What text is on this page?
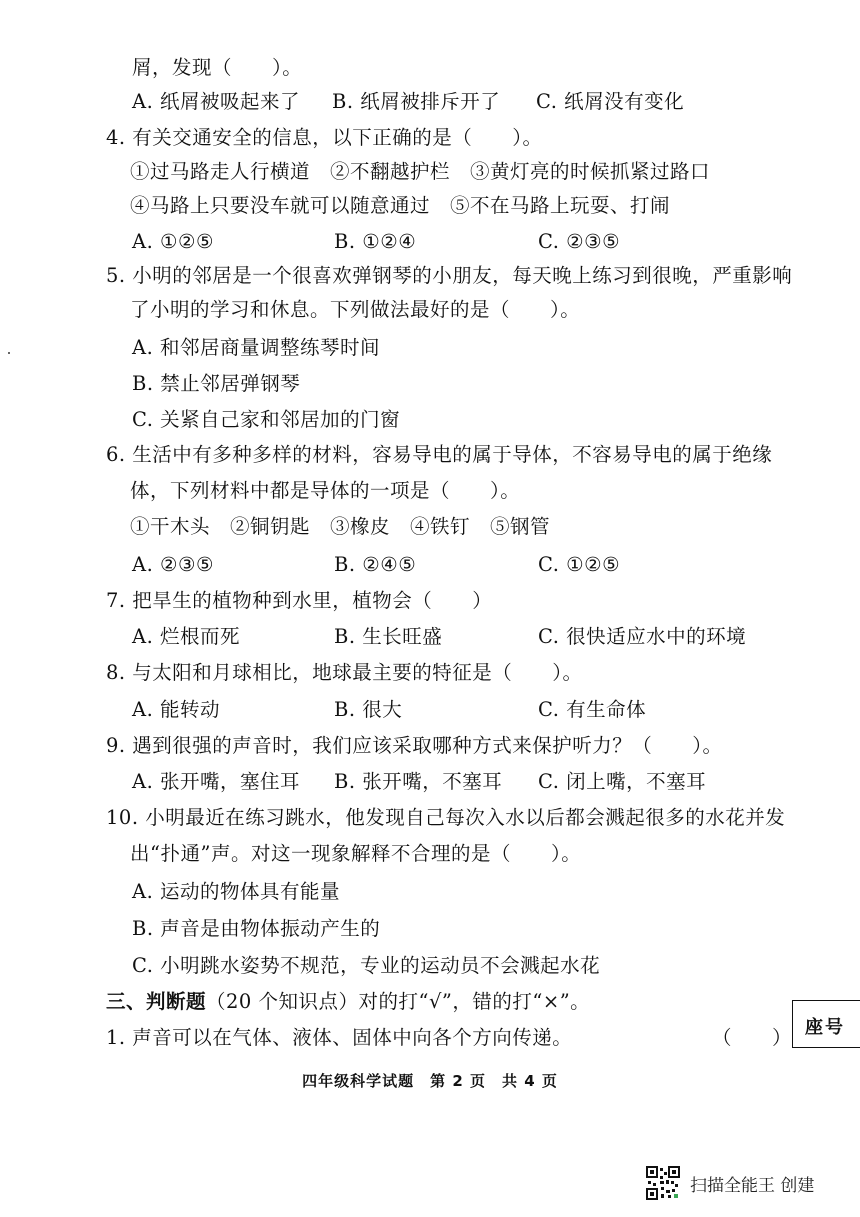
屑，发现（　　）。
A. 纸屑被吸起来了 B. 纸屑被排斥开了 C. 纸屑没有变化
4. 有关交通安全的信息，以下正确的是（　　）。
①过马路走人行横道　②不翻越护栏　③黄灯亮的时候抓紧过路口
④马路上只要没车就可以随意通过　⑤不在马路上玩耍、打闹
A. ①②⑤	B. ①②④	C. ②③⑤
5. 小明的邻居是一个很喜欢弹钢琴的小朋友，每天晚上练习到很晚，严重影响
了小明的学习和休息。下列做法最好的是（　　）。
A. 和邻居商量调整练琴时间
B. 禁止邻居弹钢琴
C. 关紧自己家和邻居加的门窗
6. 生活中有多种多样的材料，容易导电的属于导体，不容易导电的属于绝缘
体，下列材料中都是导体的一项是（　　）。
①干木头　②铜钥匙　③橡皮　④铁钉　⑤钢管
A. ②③⑤	B. ②④⑤	C. ①②⑤
7. 把旱生的植物种到水里，植物会（　　）
A. 烂根而死	B. 生长旺盛	C. 很快适应水中的环境
8. 与太阳和月球相比，地球最主要的特征是（　　）。
A. 能转动	B. 很大	C. 有生命体
9. 遇到很强的声音时，我们应该采取哪种方式来保护听力？（　　）。
A. 张开嘴，塞住耳 B. 张开嘴，不塞耳 C. 闭上嘴，不塞耳
10. 小明最近在练习跳水，他发现自己每次入水以后都会溅起很多的水花并发
出“扑通”声。对这一现象解释不合理的是（　　）。
A. 运动的物体具有能量
B. 声音是由物体振动产生的
C. 小明跳水姿势不规范，专业的运动员不会溅起水花
三、判断题（20 个知识点）对的打“√”，错的打“×”。
1. 声音可以在气体、液体、固体中向各个方向传递。	（　　） 座号
四年级科学试题　第 2 页　共 4 页
扫描全能王 创建
